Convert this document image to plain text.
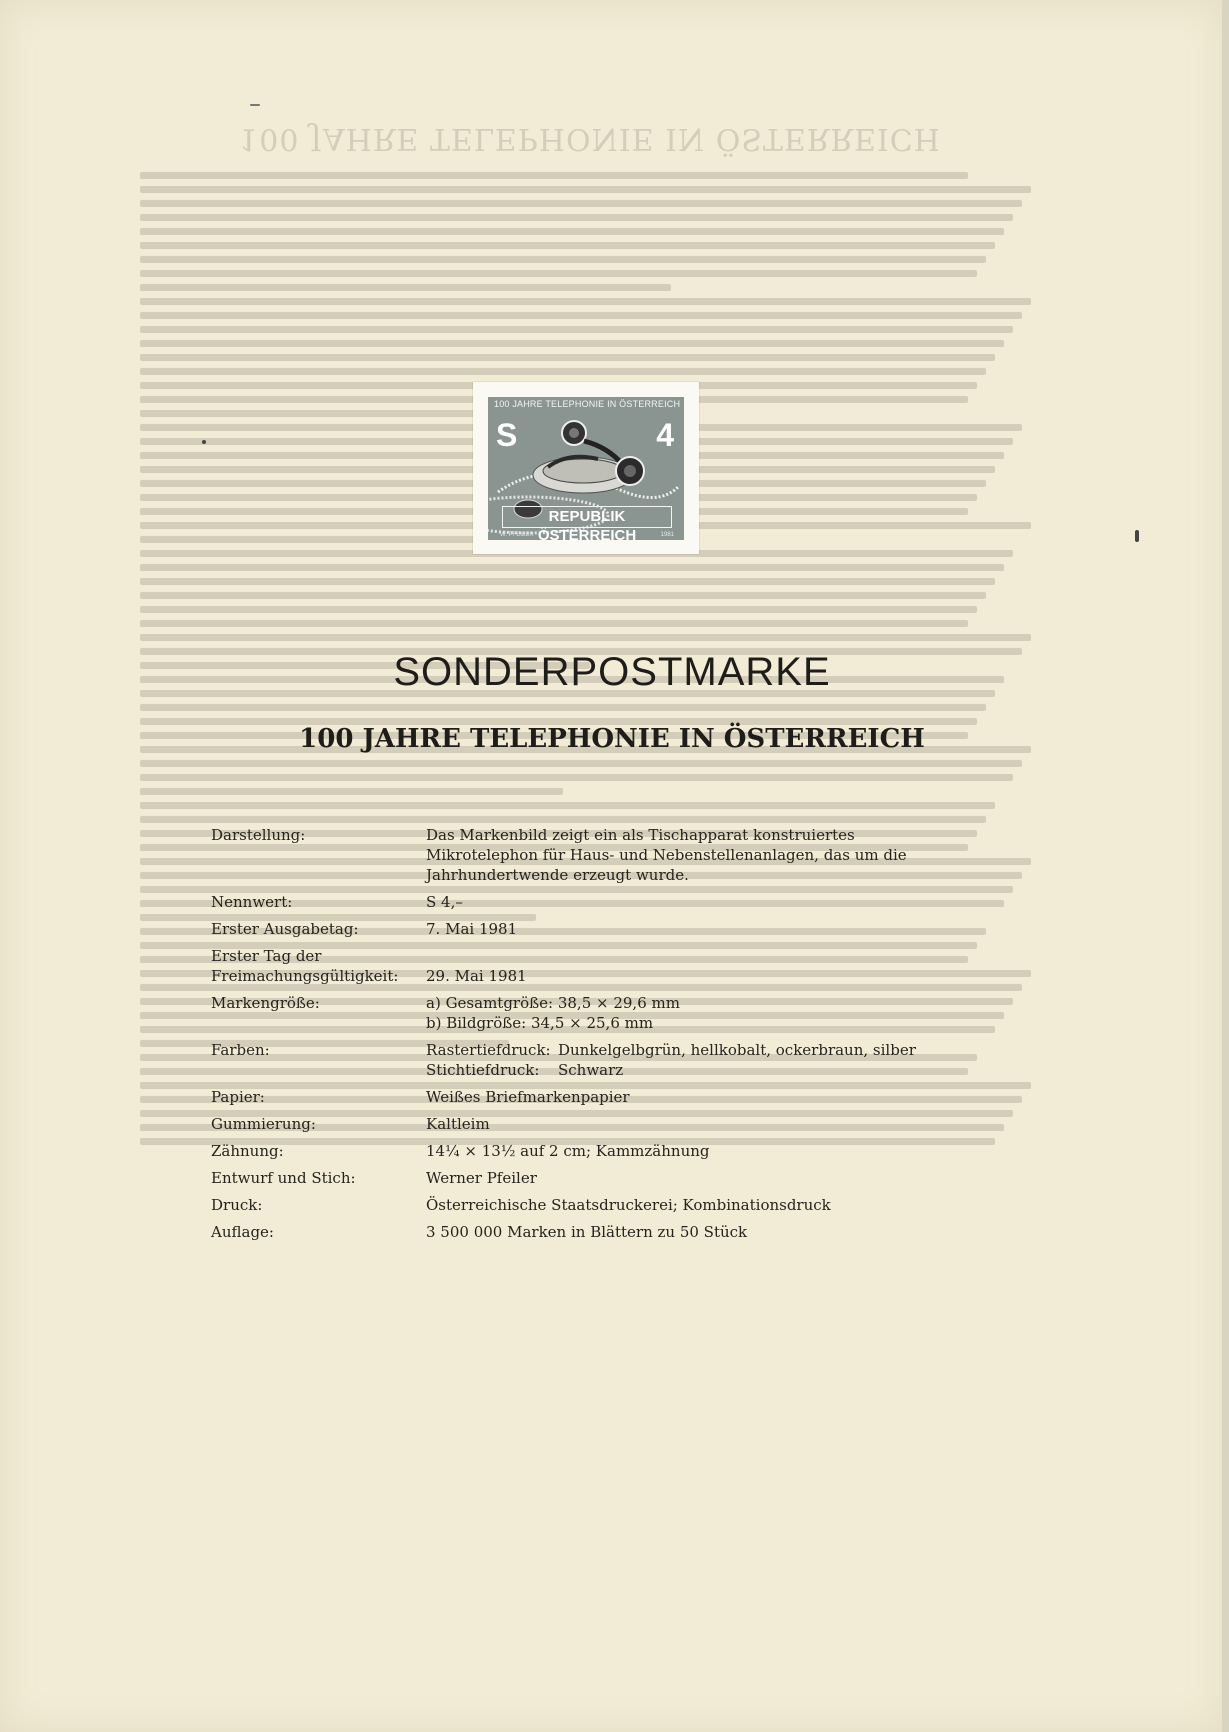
100 JAHRE TELEPHONIE IN ÖSTERREICH
100 JAHRE TELEPHONIE IN ÖSTERREICH
S	4
REPUBLIK ÖSTERREICH
W. PFEILER	1981
SONDERPOSTMARKE
100 JAHRE TELEPHONIE IN ÖSTERREICH
Darstellung:	Das Markenbild zeigt ein als Tischapparat konstruiertes Mikrotelephon für Haus- und Nebenstellenanlagen, das um die Jahrhundertwende erzeugt wurde.
Nennwert:	S 4,–
Erster Ausgabetag:	7. Mai 1981
Erster Tag der
Freimachungsgültigkeit:	29. Mai 1981
Markengröße:	a) Gesamtgröße: 38,5 × 29,6 mm
b) Bildgröße: 34,5 × 25,6 mm
Farben:	Rastertiefdruck: Dunkelgelbgrün, hellkobalt, ockerbraun, silber
Stichtiefdruck:	Schwarz
Papier:	Weißes Briefmarkenpapier
Gummierung:	Kaltleim
Zähnung:	14¼ × 13½ auf 2 cm; Kammzähnung
Entwurf und Stich:	Werner Pfeiler
Druck:	Österreichische Staatsdruckerei; Kombinationsdruck
Auflage:	3 500 000 Marken in Blättern zu 50 Stück
